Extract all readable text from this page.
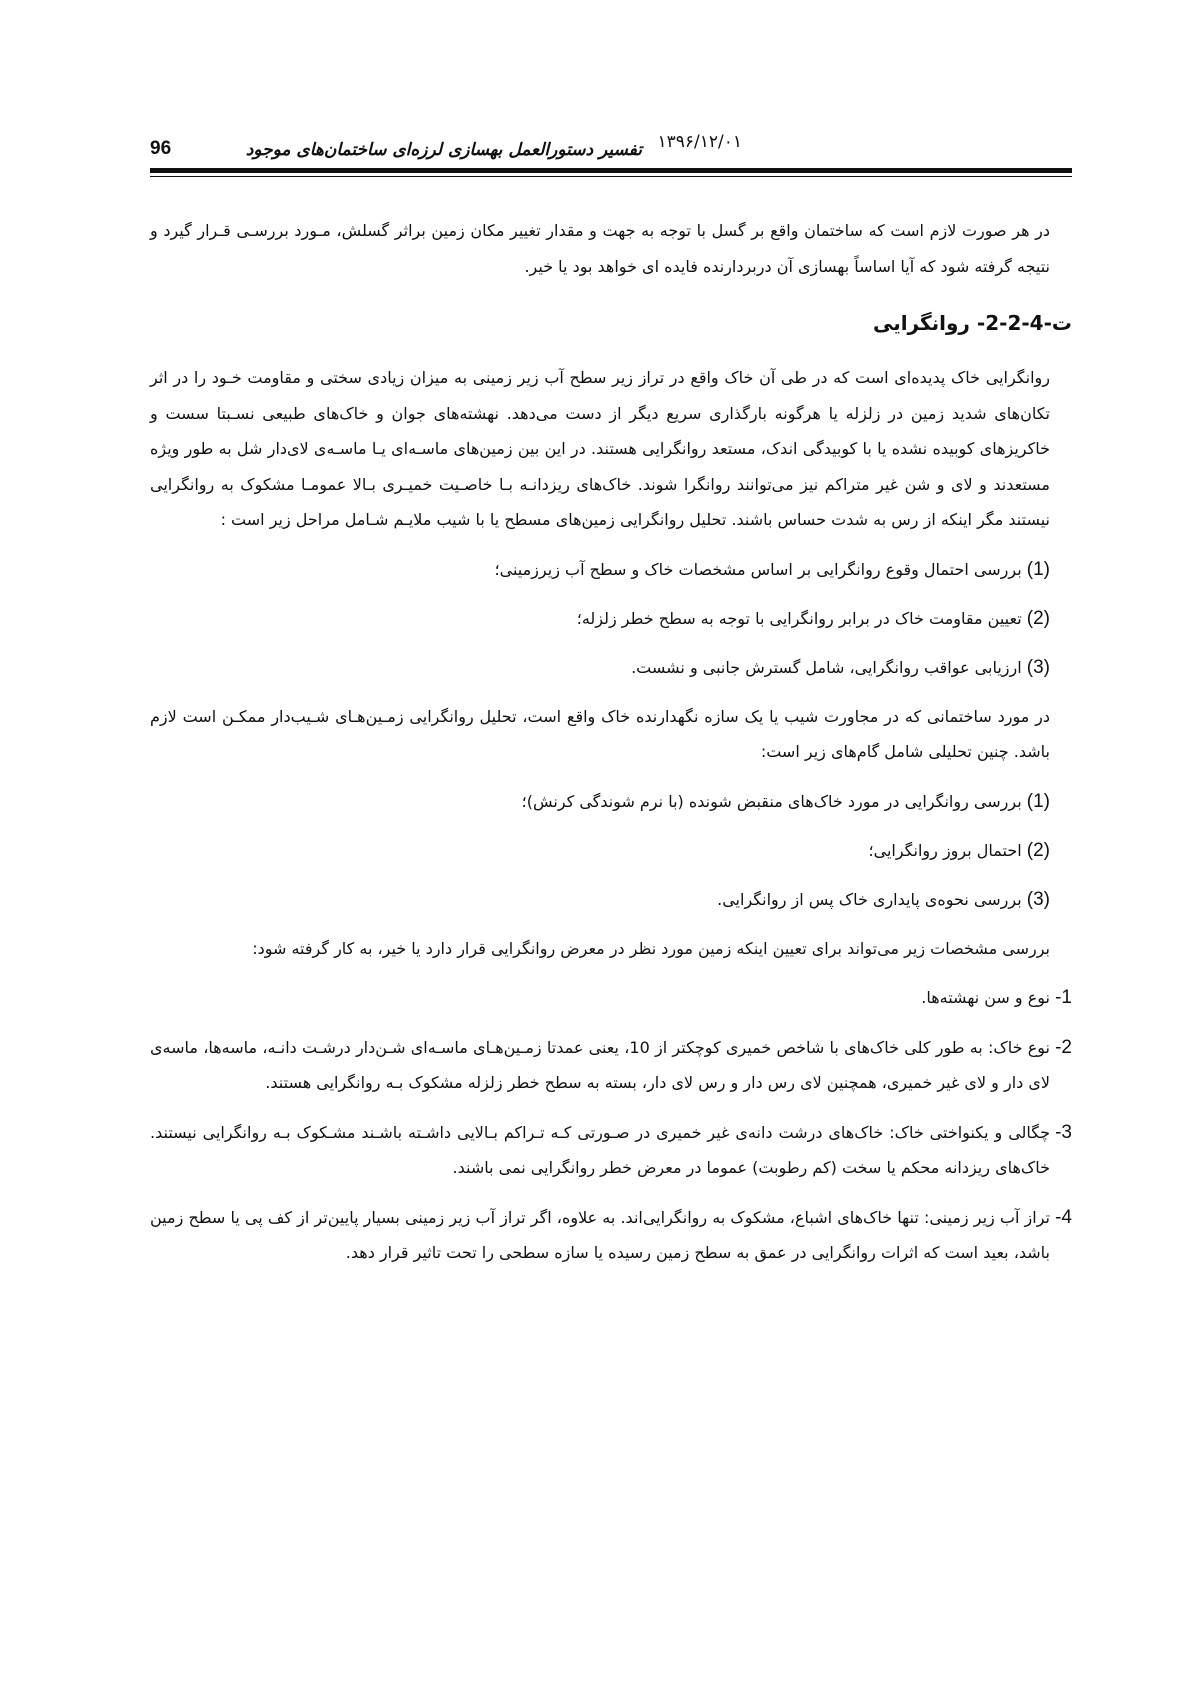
تفسیر دستورالعمل بهسازی لرزه‌ای ساختمان‌های موجود ۱۳۹۶/۱۲/۰۱
96

در هر صورت لازم است که ساختمان واقع بر گسل با توجه به جهت و مقدار تغییر مکان زمین براثر گسلش، مـورد بررسـی قـرار گیرد و نتیجه گرفته شود که آیا اساساً بهسازی آن دربردارنده فایده ای خواهد بود یا خیر.

ت-4-2-2- روانگرایی

روانگرایی خاک پدیده‌ای است که در طی آن خاک واقع در تراز زیر سطح آب زیر زمینی به میزان زیادی سختی و مقاومت خـود را در اثر تکان‌های شدید زمین در زلزله یا هرگونه بارگذاری سریع دیگر از دست می‌دهد. نهشته‌های جوان و خاک‌های طبیعی نسـبتا سست و خاکریزهای کوبیده نشده یا با کوبیدگی اندک، مستعد روانگرایی هستند. در این بین زمین‌های ماسـه‌ای یـا ماسـه‌ی لای‌دار شل به طور ویژه مستعدند و لای و شن غیر متراکم نیز می‌توانند روانگرا شوند. خاک‌های ریزدانـه بـا خاصـیت خمیـری بـالا عمومـا مشکوک به روانگرایی نیستند مگر اینکه از رس به شدت حساس باشند. تحلیل روانگرایی زمین‌های مسطح یا با شیب ملایـم شـامل مراحل زیر است :

(1) بررسی احتمال وقوع روانگرایی بر اساس مشخصات خاک و سطح آب زیرزمینی؛
(2) تعیین مقاومت خاک در برابر روانگرایی با توجه به سطح خطر زلزله؛
(3) ارزیابی عواقب روانگرایی، شامل گسترش جانبی و نشست.

در مورد ساختمانی که در مجاورت شیب یا یک سازه نگهدارنده خاک واقع است، تحلیل روانگرایی زمـین‌هـای شـیب‌دار ممکـن است لازم باشد. چنین تحلیلی شامل گام‌های زیر است:

(1) بررسی روانگرایی در مورد خاک‌های منقبض شونده (با نرم شوندگی کرنش)؛
(2) احتمال بروز روانگرایی؛
(3) بررسی نحوه‌ی پایداری خاک پس از روانگرایی.

بررسی مشخصات زیر می‌تواند برای تعیین اینکه زمین مورد نظر در معرض روانگرایی قرار دارد یا خیر، به کار گرفته شود:

1-
نوع و سن نهشته‌ها.
2-
نوع خاک: به طور کلی خاک‌های با شاخص خمیری کوچکتر از 10، یعنی عمدتا زمـین‌هـای ماسـه‌ای شـن‌دار درشـت دانـه، ماسه‌ها، ماسه‌ی لای دار و لای غیر خمیری، همچنین لای رس دار و رس لای دار، بسته به سطح خطر زلزله مشکوک بـه روانگرایی هستند.
3-
چگالی و یکنواختی خاک: خاک‌های درشت دانه‌ی غیر خمیری در صـورتی کـه تـراکم بـالایی داشـته باشـند مشـکوک بـه روانگرایی نیستند. خاک‌های ریزدانه محکم یا سخت (کم رطوبت) عموما در معرض خطر روانگرایی نمی باشند.
4-
تراز آب زیر زمینی: تنها خاک‌های اشباع، مشکوک به روانگرایی‌اند. به علاوه، اگر تراز آب زیر زمینی بسیار پایین‌تر از کف پی یا سطح زمین باشد، بعید است که اثرات روانگرایی در عمق به سطح زمین رسیده یا سازه سطحی را تحت تاثیر قرار دهد.
